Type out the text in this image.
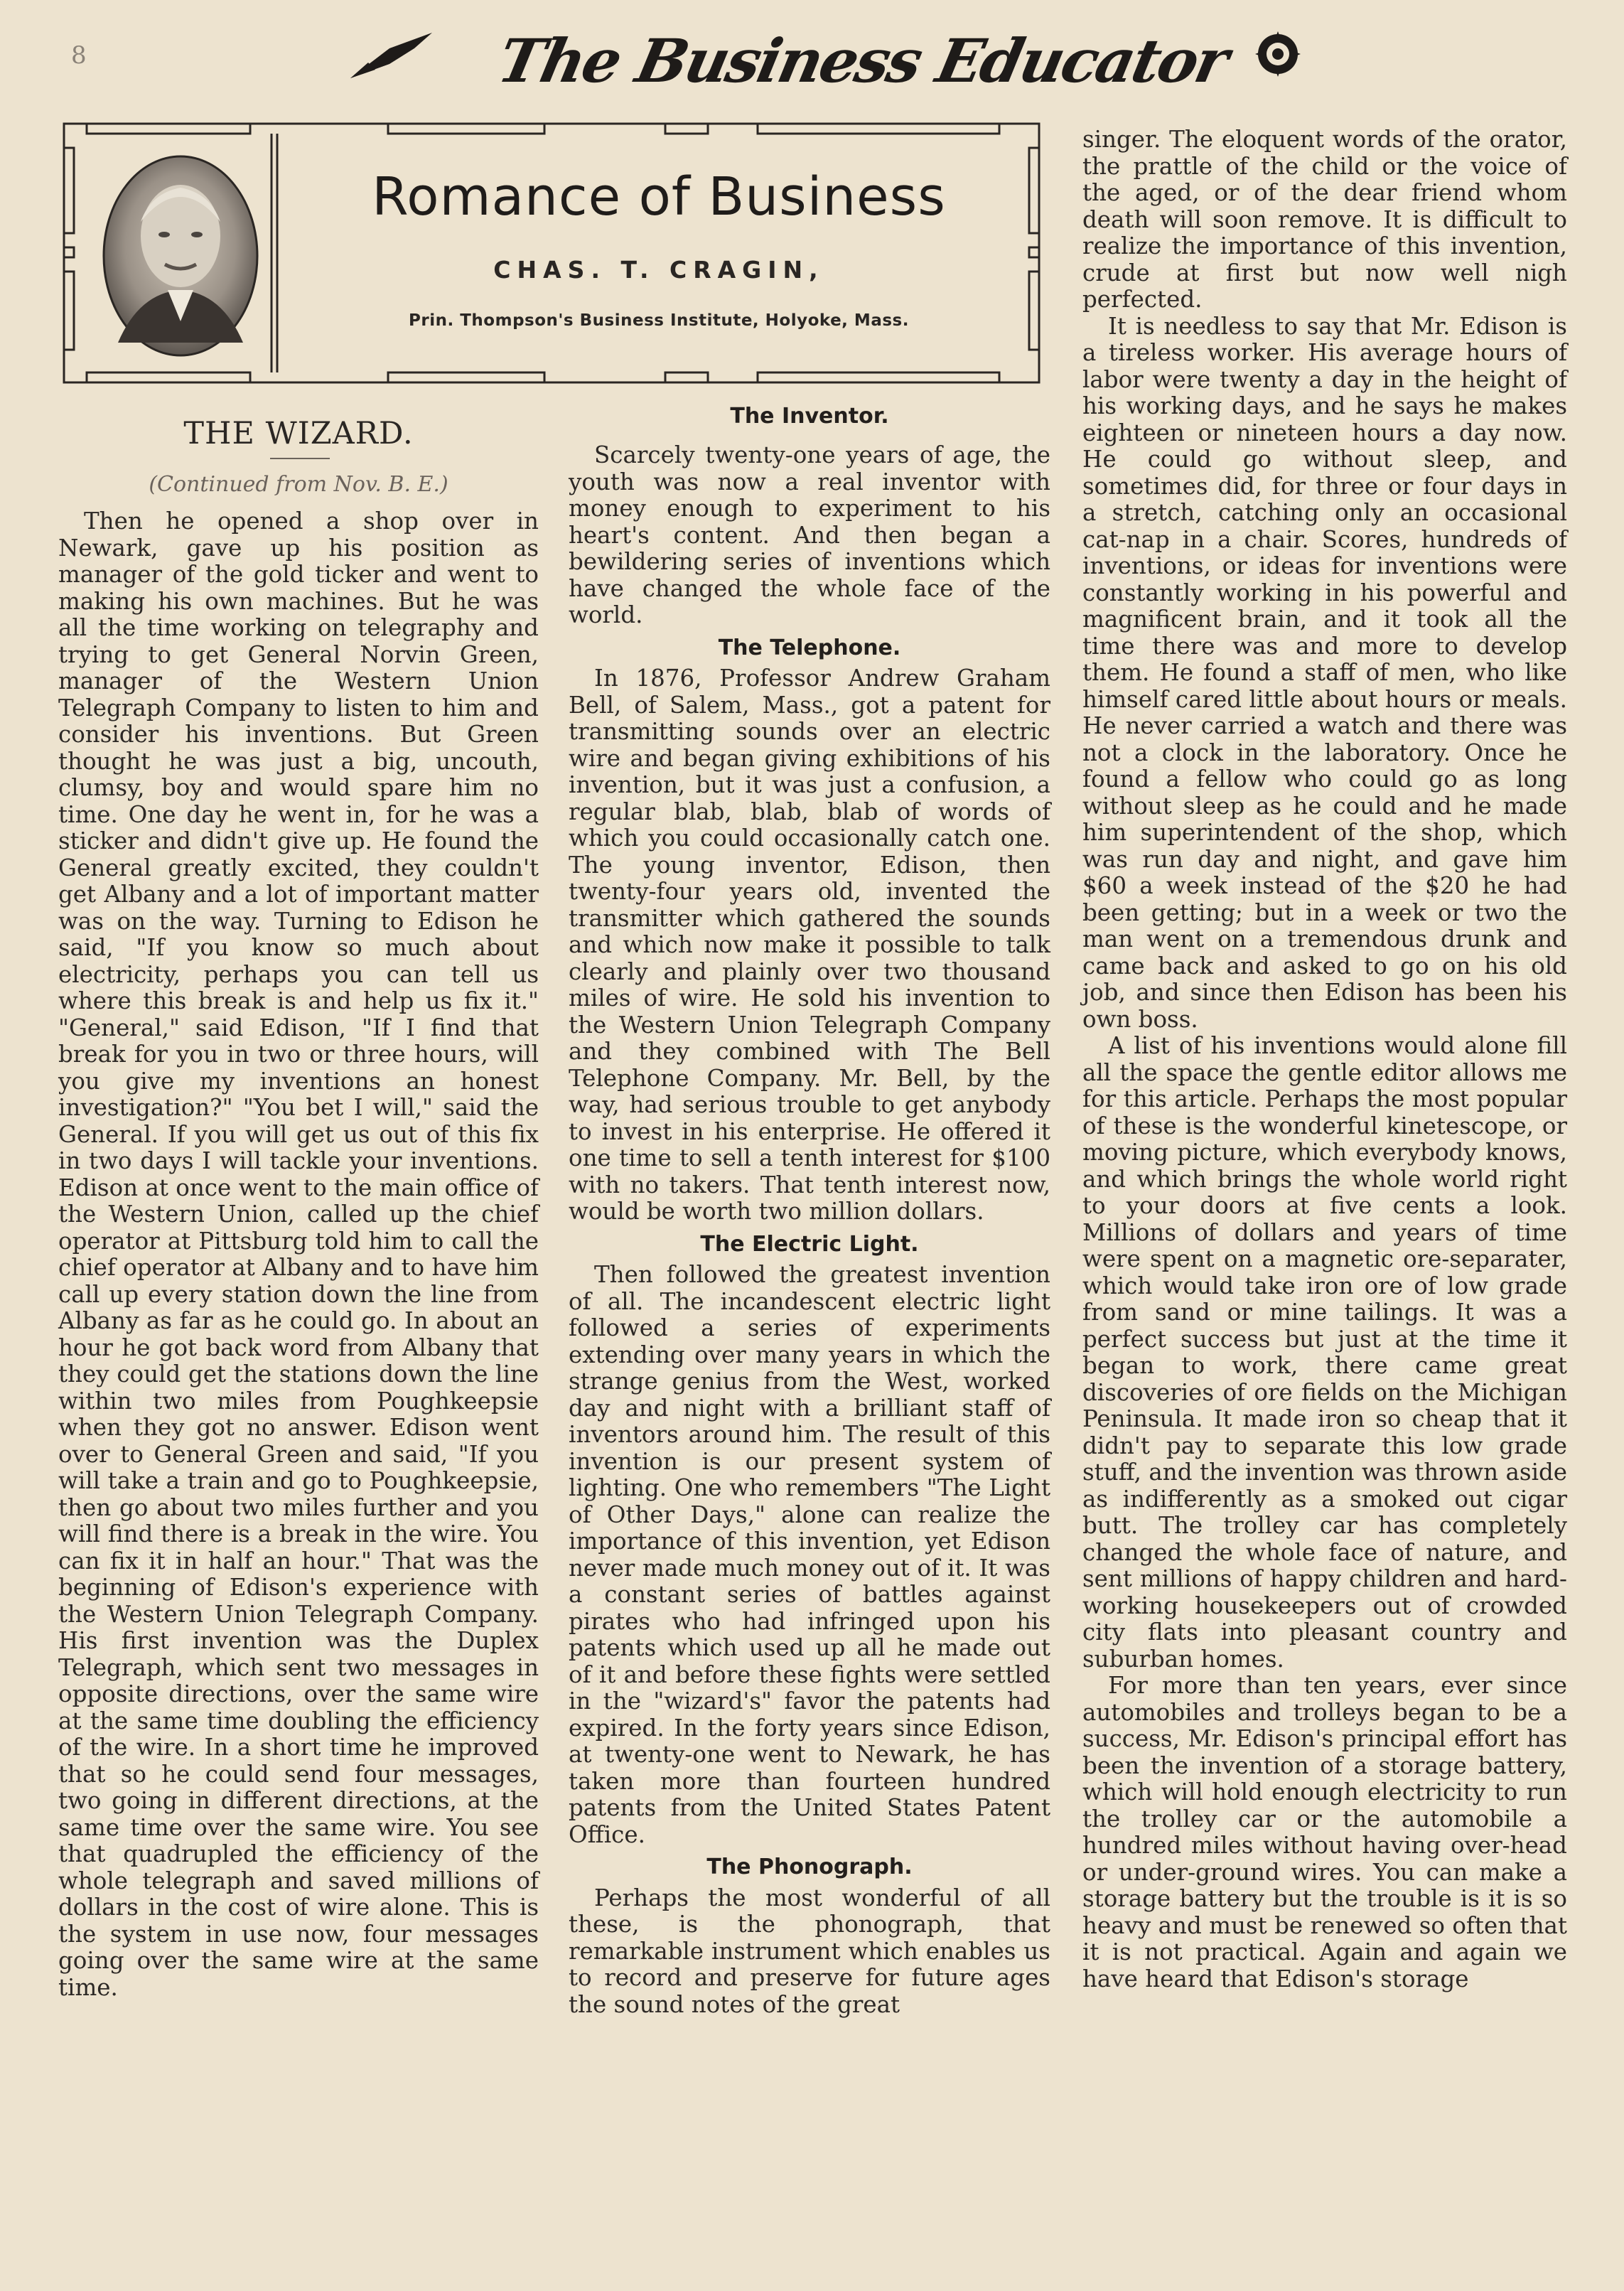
8	The Business Educator
Romance of Business
CHAS. T. CRAGIN,
Prin. Thompson's Business Institute, Holyoke, Mass.
THE WIZARD.
(Continued from Nov. B. E.)

Then he opened a shop over in Newark, gave up his position as manager of the gold ticker and went to making his own machines. But he was all the time working on telegraphy and trying to get General Norvin Green, manager of the Western Union Telegraph Company to listen to him and consider his inventions. But Green thought he was just a big, uncouth, clumsy, boy and would spare him no time. One day he went in, for he was a sticker and didn't give up. He found the General greatly excited, they couldn't get Albany and a lot of important matter was on the way. Turning to Edison he said, "If you know so much about electricity, perhaps you can tell us where this break is and help us fix it." "General," said Edison, "If I find that break for you in two or three hours, will you give my inventions an honest investigation?" "You bet I will," said the General. If you will get us out of this fix in two days I will tackle your inventions. Edison at once went to the main office of the Western Union, called up the chief operator at Pittsburg told him to call the chief operator at Albany and to have him call up every station down the line from Albany as far as he could go. In about an hour he got back word from Albany that they could get the stations down the line within two miles from Poughkeepsie when they got no answer. Edison went over to General Green and said, "If you will take a train and go to Poughkeepsie, then go about two miles further and you will find there is a break in the wire. You can fix it in half an hour." That was the beginning of Edison's experience with the Western Union Telegraph Company. His first invention was the Duplex Telegraph, which sent two messages in opposite directions, over the same wire at the same time doubling the efficiency of the wire. In a short time he improved that so he could send four messages, two going in different directions, at the same time over the same wire. You see that quadrupled the efficiency of the whole telegraph and saved millions of dollars in the cost of wire alone. This is the system in use now, four messages going over the same wire at the same time.

The Inventor.

Scarcely twenty-one years of age, the youth was now a real inventor with money enough to experiment to his heart's content. And then began a bewildering series of inventions which have changed the whole face of the world.

The Telephone.

In 1876, Professor Andrew Graham Bell, of Salem, Mass., got a patent for transmitting sounds over an electric wire and began giving exhibitions of his invention, but it was just a confusion, a regular blab, blab, blab of words of which you could occasionally catch one. The young inventor, Edison, then twenty-four years old, invented the transmitter which gathered the sounds and which now make it possible to talk clearly and plainly over two thousand miles of wire. He sold his invention to the Western Union Telegraph Company and they combined with The Bell Telephone Company. Mr. Bell, by the way, had serious trouble to get anybody to invest in his enterprise. He offered it one time to sell a tenth interest for $100 with no takers. That tenth interest now, would be worth two million dollars.

The Electric Light.

Then followed the greatest invention of all. The incandescent electric light followed a series of experiments extending over many years in which the strange genius from the West, worked day and night with a brilliant staff of inventors around him. The result of this invention is our present system of lighting. One who remembers "The Light of Other Days," alone can realize the importance of this invention, yet Edison never made much money out of it. It was a constant series of battles against pirates who had infringed upon his patents which used up all he made out of it and before these fights were settled in the "wizard's" favor the patents had expired. In the forty years since Edison, at twenty-one went to Newark, he has taken more than fourteen hundred patents from the United States Patent Office.

The Phonograph.

Perhaps the most wonderful of all these, is the phonograph, that remarkable instrument which enables us to record and preserve for future ages the sound notes of the great

singer. The eloquent words of the orator, the prattle of the child or the voice of the aged, or of the dear friend whom death will soon remove. It is difficult to realize the importance of this invention, crude at first but now well nigh perfected.

It is needless to say that Mr. Edison is a tireless worker. His average hours of labor were twenty a day in the height of his working days, and he says he makes eighteen or nineteen hours a day now. He could go without sleep, and sometimes did, for three or four days in a stretch, catching only an occasional cat-nap in a chair. Scores, hundreds of inventions, or ideas for inventions were constantly working in his powerful and magnificent brain, and it took all the time there was and more to develop them. He found a staff of men, who like himself cared little about hours or meals. He never carried a watch and there was not a clock in the laboratory. Once he found a fellow who could go as long without sleep as he could and he made him superintendent of the shop, which was run day and night, and gave him $60 a week instead of the $20 he had been getting; but in a week or two the man went on a tremendous drunk and came back and asked to go on his old job, and since then Edison has been his own boss.

A list of his inventions would alone fill all the space the gentle editor allows me for this article. Perhaps the most popular of these is the wonderful kinetescope, or moving picture, which everybody knows, and which brings the whole world right to your doors at five cents a look. Millions of dollars and years of time were spent on a magnetic ore-separater, which would take iron ore of low grade from sand or mine tailings. It was a perfect success but just at the time it began to work, there came great discoveries of ore fields on the Michigan Peninsula. It made iron so cheap that it didn't pay to separate this low grade stuff, and the invention was thrown aside as indifferently as a smoked out cigar butt. The trolley car has completely changed the whole face of nature, and sent millions of happy children and hard-working housekeepers out of crowded city flats into pleasant country and suburban homes.

For more than ten years, ever since automobiles and trolleys began to be a success, Mr. Edison's principal effort has been the invention of a storage battery, which will hold enough electricity to run the trolley car or the automobile a hundred miles without having over-head or under-ground wires. You can make a storage battery but the trouble is it is so heavy and must be renewed so often that it is not practical. Again and again we have heard that Edison's storage
